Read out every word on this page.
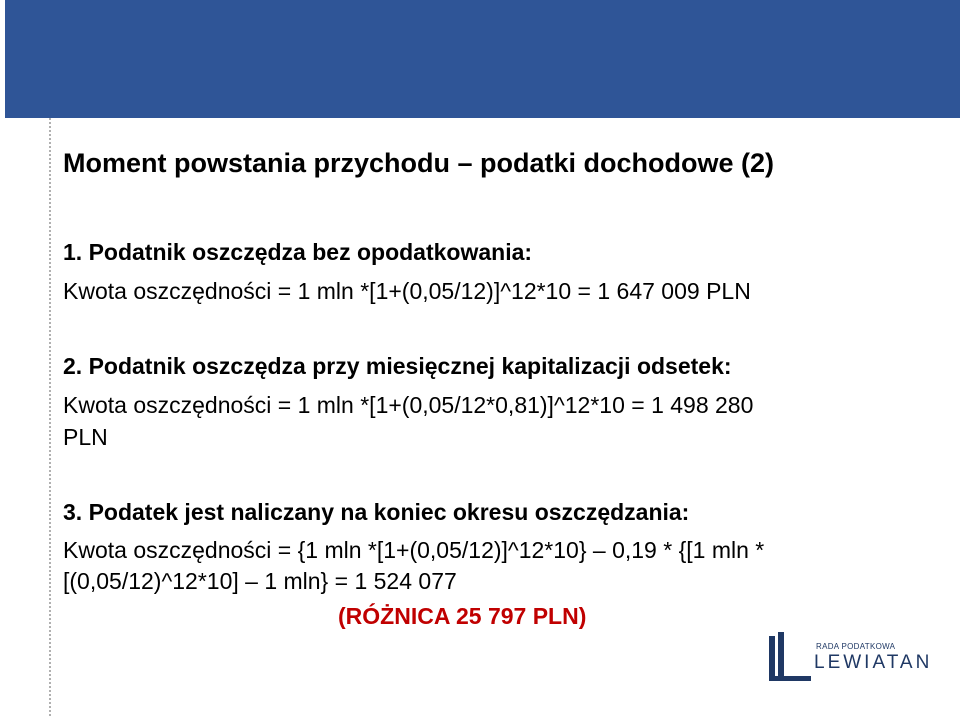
Moment powstania przychodu – podatki dochodowe (2)
1. Podatnik oszczędza bez opodatkowania:
Kwota oszczędności = 1 mln *[1+(0,05/12)]^12*10 = 1 647 009 PLN
2. Podatnik oszczędza przy miesięcznej kapitalizacji odsetek:
Kwota oszczędności = 1 mln *[1+(0,05/12*0,81)]^12*10 = 1 498 280
PLN
3. Podatek jest naliczany na koniec okresu oszczędzania:
Kwota oszczędności = {1 mln *[1+(0,05/12)]^12*10} – 0,19 * {[1 mln *
[(0,05/12)^12*10] – 1 mln} = 1 524 077
(RÓŻNICA 25 797 PLN)
RADA PODATKOWA
LEWIATAN
